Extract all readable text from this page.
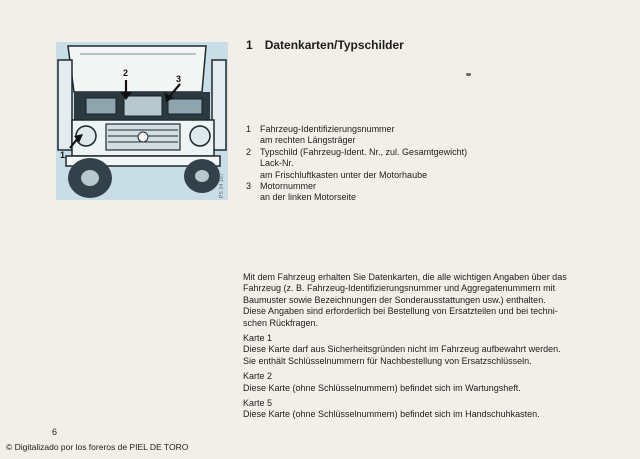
2
3
1
PS 34 187
1 Datenkarten/Typschilder
1 Fahrzeug-Identifizierungsnummer
am rechten Längsträger
2 Typschild (Fahrzeug-Ident. Nr., zul. Gesamtgewicht)
Lack-Nr.
am Frischluftkasten unter der Motorhaube
3 Motornummer
an der linken Motorseite
Mit dem Fahrzeug erhalten Sie Datenkarten, die alle wichtigen Angaben über das
Fahrzeug (z. B. Fahrzeug-Identifizierungsnummer und Aggregatenummern mit
Baumuster sowie Bezeichnungen der Sonderausstattungen usw.) enthalten.
Diese Angaben sind erforderlich bei Bestellung von Ersatzteilen und bei techni-
schen Rückfragen.
Karte 1
Diese Karte darf aus Sicherheitsgründen nicht im Fahrzeug aufbewahrt werden.
Sie enthält Schlüsselnummern für Nachbestellung von Ersatzschlüsseln.
Karte 2
Diese Karte (ohne Schlüsselnummern) befindet sich im Wartungsheft.
Karte 5
Diese Karte (ohne Schlüsselnummern) befindet sich im Handschuhkasten.
6
© Digitalizado por los foreros de PIEL DE TORO
